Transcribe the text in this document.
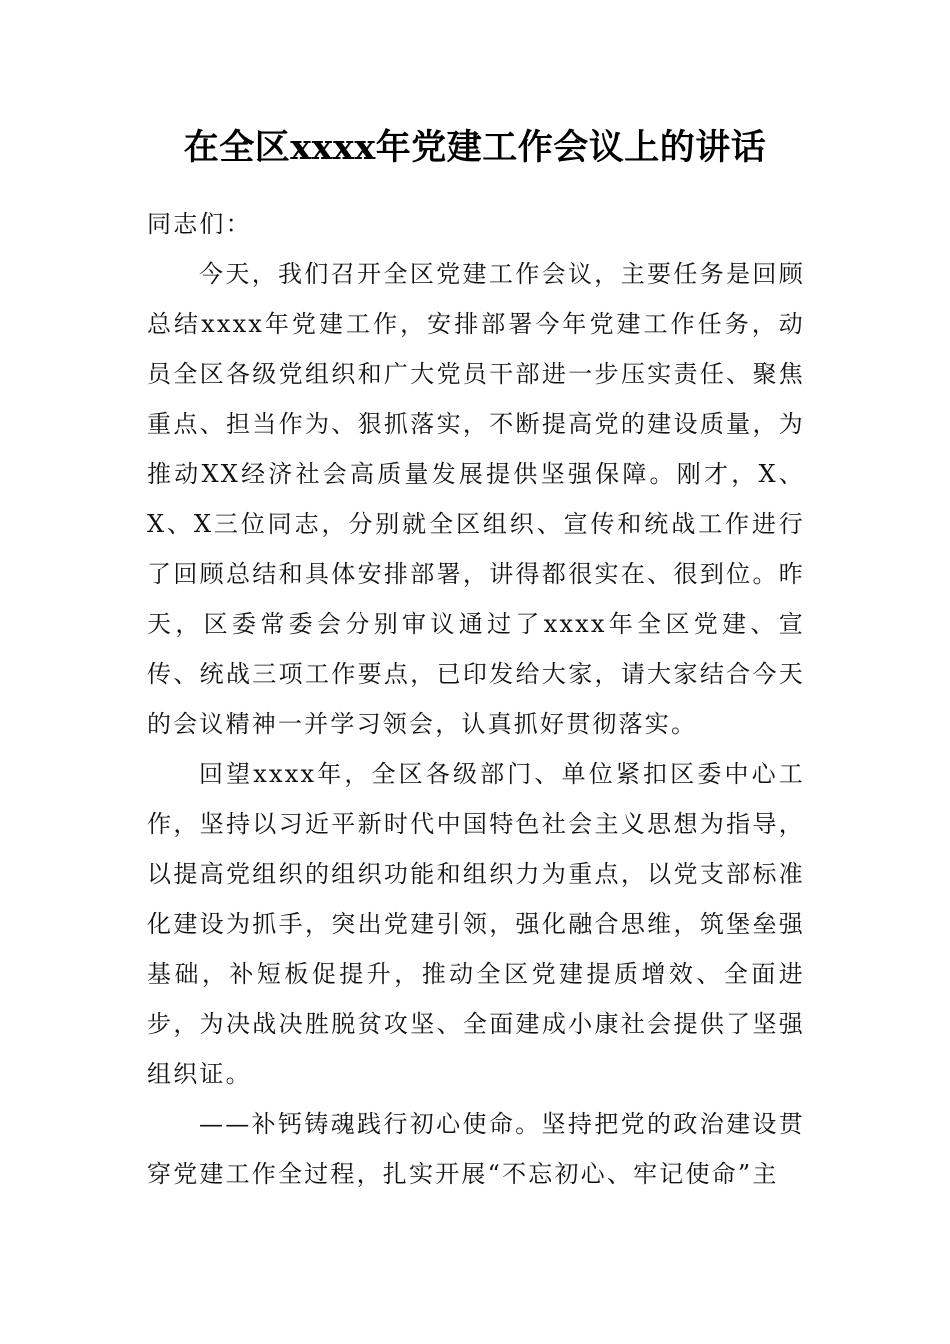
在全区xxxx年党建工作会议上的讲话

同志们：

今天，我们召开全区党建工作会议，主要任务是回顾总结xxxx年党建工作，安排部署今年党建工作任务，动员全区各级党组织和广大党员干部进一步压实责任、聚焦重点、担当作为、狠抓落实，不断提高党的建设质量，为推动XX经济社会高质量发展提供坚强保障。刚才，X、X、X三位同志，分别就全区组织、宣传和统战工作进行了回顾总结和具体安排部署，讲得都很实在、很到位。昨天，区委常委会分别审议通过了xxxx年全区党建、宣传、统战三项工作要点，已印发给大家，请大家结合今天的会议精神一并学习领会，认真抓好贯彻落实。

回望xxxx年，全区各级部门、单位紧扣区委中心工作，坚持以习近平新时代中国特色社会主义思想为指导，以提高党组织的组织功能和组织力为重点，以党支部标准化建设为抓手，突出党建引领，强化融合思维，筑堡垒强基础，补短板促提升，推动全区党建提质增效、全面进步，为决战决胜脱贫攻坚、全面建成小康社会提供了坚强组织证。

——补钙铸魂践行初心使命。坚持把党的政治建设贯穿党建工作全过程，扎实开展“不忘初心、牢记使命”主
